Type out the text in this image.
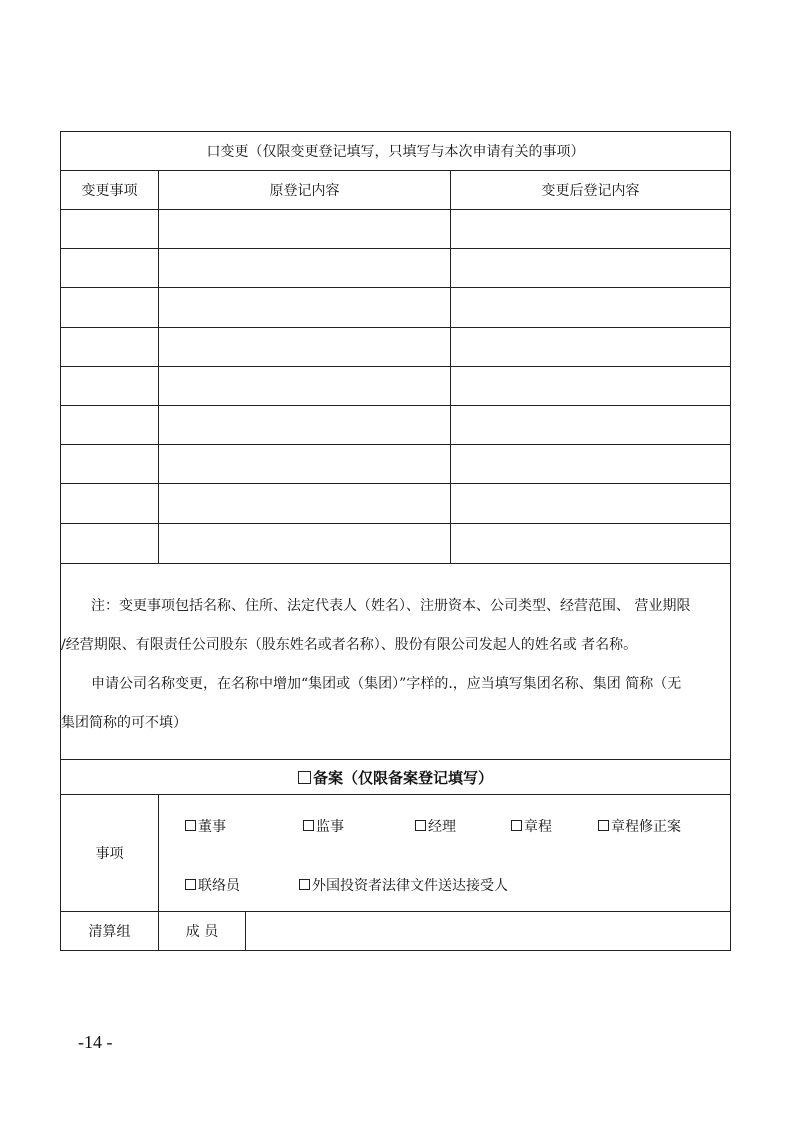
口变更（仅限变更登记填写，只填写与本次申请有关的事项）
变更事项	原登记内容	变更后登记内容

注：变更事项包括名称、住所、法定代表人（姓名）、注册资本、公司类型、经营范围、 营业期限

/经营期限、有限责任公司股东（股东姓名或者名称）、股份有限公司发起人的姓名或 者名称。

申请公司名称变更，在名称中增加“集团或（集团）”字样的.，应当填写集团名称、集团 简称（无

集团简称的可不填）

备案（仅限备案登记填写）
事项
董事	监事	经理	章程	章程修正案
联络员	外国投资者法律文件送达接受人
清算组	成 员
-14 -
